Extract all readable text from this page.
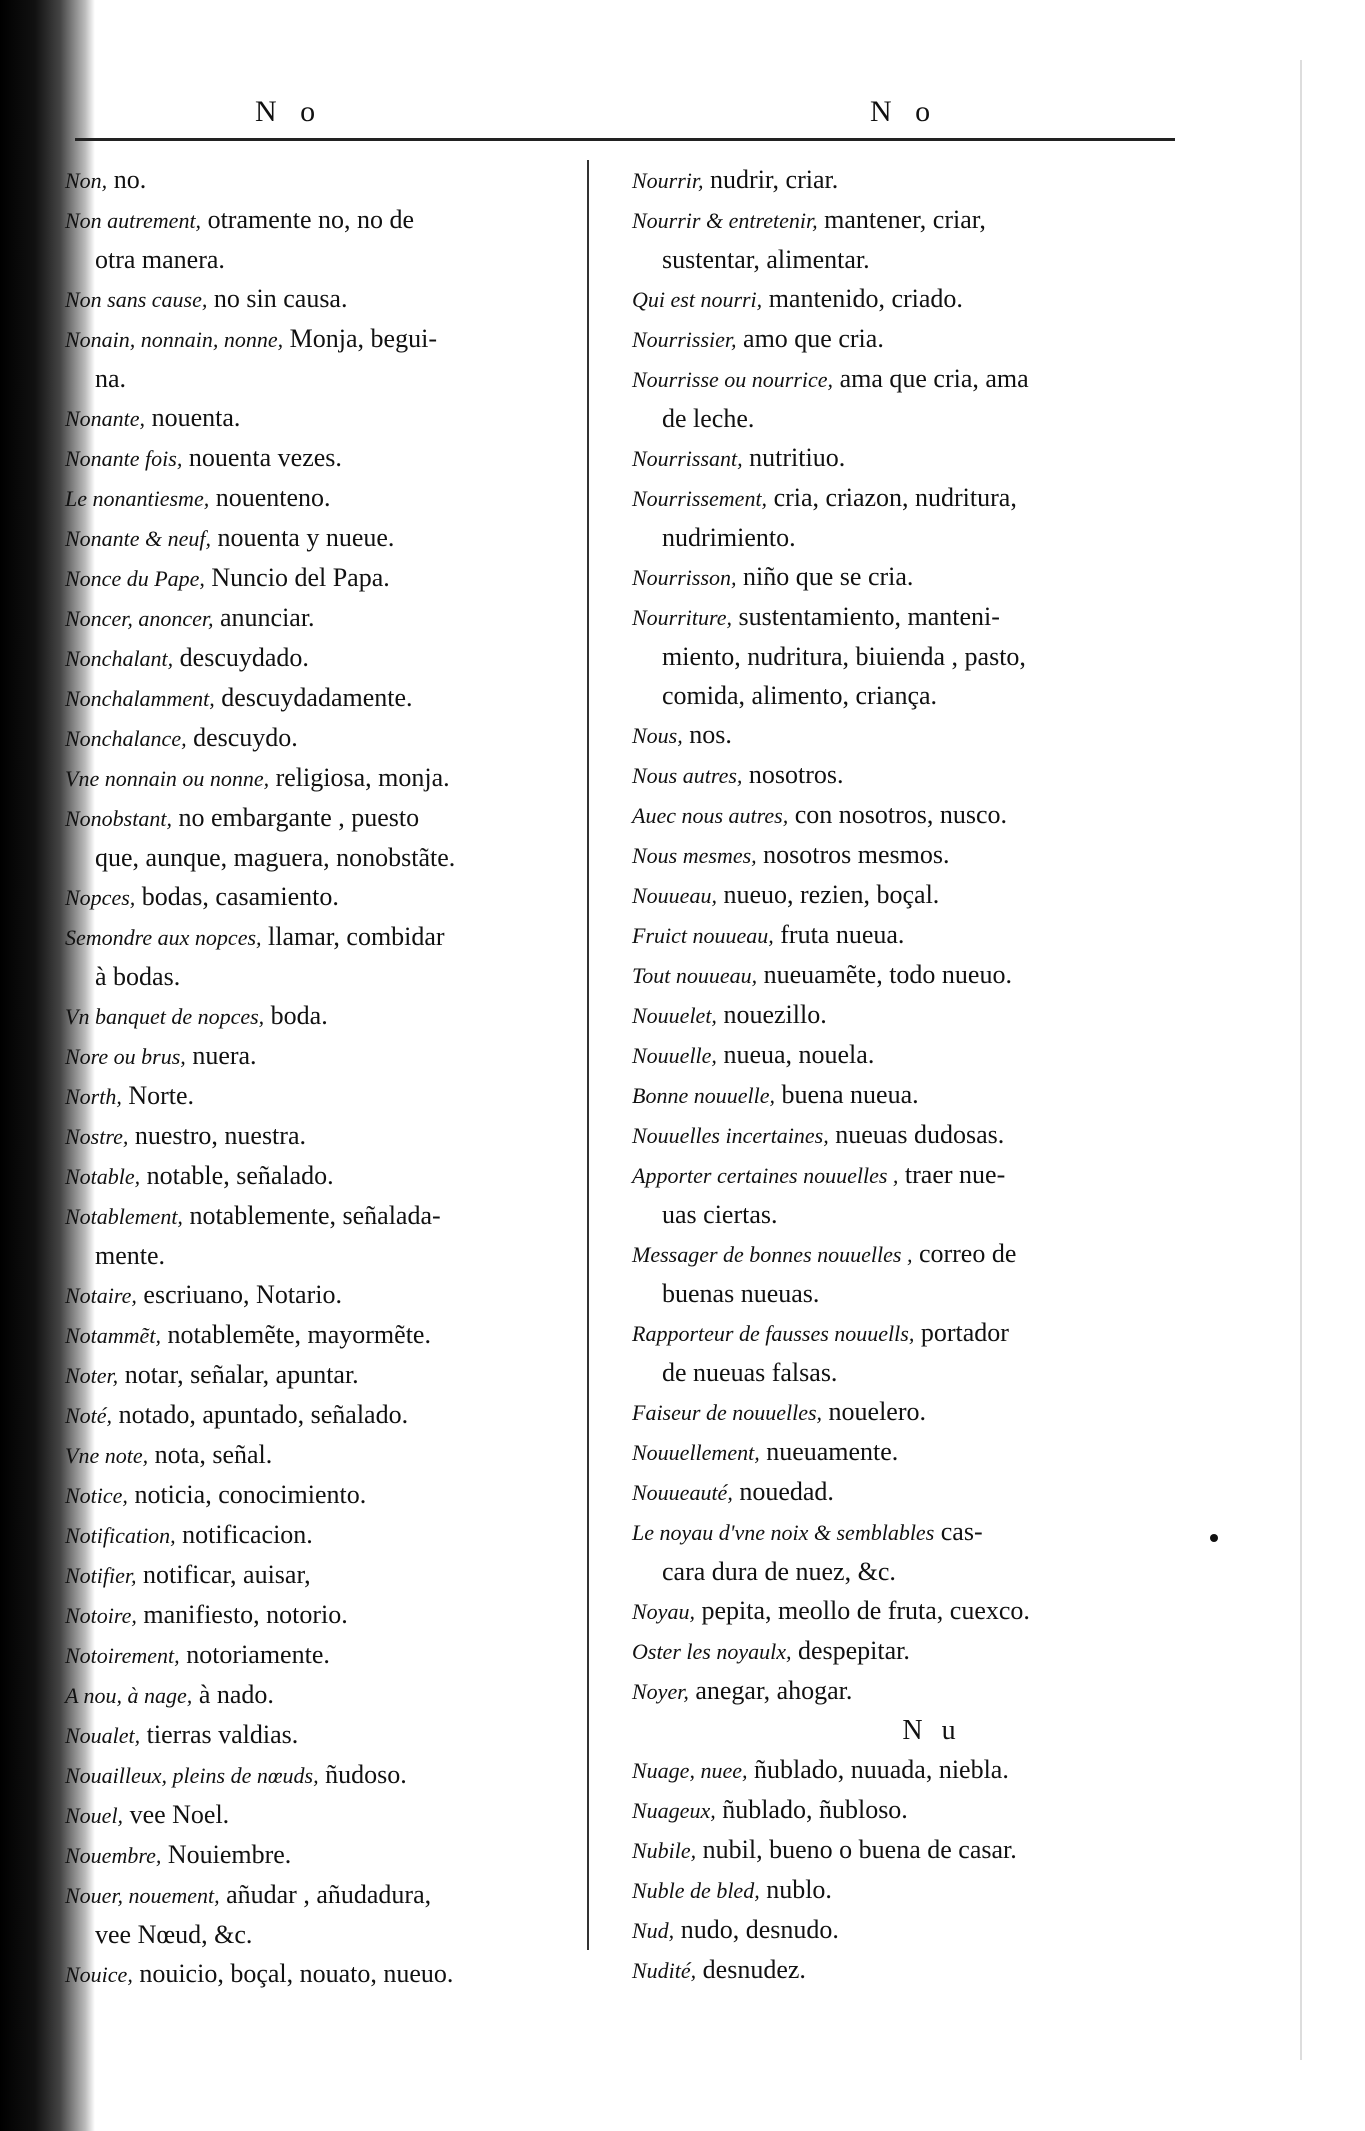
N o	N o

Non, no.

Non autrement, otramente no, no de
otra manera.

Non sans cause, no sin causa.

Nonain, nonnain, nonne, Monja, begui-
na.

Nonante, nouenta.

Nonante fois, nouenta vezes.

Le nonantiesme, nouenteno.

Nonante & neuf, nouenta y nueue.

Nonce du Pape, Nuncio del Papa.

Noncer, anoncer, anunciar.

Nonchalant, descuydado.

Nonchalamment, descuydadamente.

Nonchalance, descuydo.

Vne nonnain ou nonne, religiosa, monja.

Nonobstant, no embargante , puesto
que, aunque, maguera, nonobstãte.

Nopces, bodas, casamiento.

Semondre aux nopces, llamar, combidar
à bodas.

Vn banquet de nopces, boda.

Nore ou brus, nuera.

North, Norte.

Nostre, nuestro, nuestra.

Notable, notable, señalado.

Notablement, notablemente, señalada-
mente.

Notaire, escriuano, Notario.

Notammẽt, notablemẽte, mayormẽte.

Noter, notar, señalar, apuntar.

Noté, notado, apuntado, señalado.

Vne note, nota, señal.

Notice, noticia, conocimiento.

Notification, notificacion.

Notifier, notificar, auisar,

Notoire, manifiesto, notorio.

Notoirement, notoriamente.

A nou, à nage, à nado.

Noualet, tierras valdias.

Nouailleux, pleins de nœuds, ñudoso.

Nouel, vee Noel.

Nouembre, Nouiembre.

Nouer, nouement, añudar , añudadura,
vee Nœud, &c.

Nouice, nouicio, boçal, nouato, nueuo.

Nourrir, nudrir, criar.

Nourrir & entretenir, mantener, criar,
sustentar, alimentar.

Qui est nourri, mantenido, criado.

Nourrissier, amo que cria.

Nourrisse ou nourrice, ama que cria, ama
de leche.

Nourrissant, nutritiuo.

Nourrissement, cria, criazon, nudritura,
nudrimiento.

Nourrisson, niño que se cria.

Nourriture, sustentamiento, manteni-
miento, nudritura, biuienda , pasto,

comida, alimento, criança.

Nous, nos.

Nous autres, nosotros.

Auec nous autres, con nosotros, nusco.

Nous mesmes, nosotros mesmos.

Nouueau, nueuo, rezien, boçal.

Fruict nouueau, fruta nueua.

Tout nouueau, nueuamẽte, todo nueuo.

Nouuelet, nouezillo.

Nouuelle, nueua, nouela.

Bonne nouuelle, buena nueua.

Nouuelles incertaines, nueuas dudosas.

Apporter certaines nouuelles , traer nue-
uas ciertas.

Messager de bonnes nouuelles , correo de
buenas nueuas.

Rapporteur de fausses nouuells, portador
de nueuas falsas.

Faiseur de nouuelles, nouelero.

Nouuellement, nueuamente.

Nouueauté, nouedad.

Le noyau d'vne noix & semblables cas-
cara dura de nuez, &c.

Noyau, pepita, meollo de fruta, cuexco.

Oster les noyaulx, despepitar.

Noyer, anegar, ahogar.

N u

Nuage, nuee, ñublado, nuuada, niebla.

Nuageux, ñublado, ñubloso.

Nubile, nubil, bueno o buena de casar.

Nuble de bled, nublo.

Nud, nudo, desnudo.

Nudité, desnudez.
